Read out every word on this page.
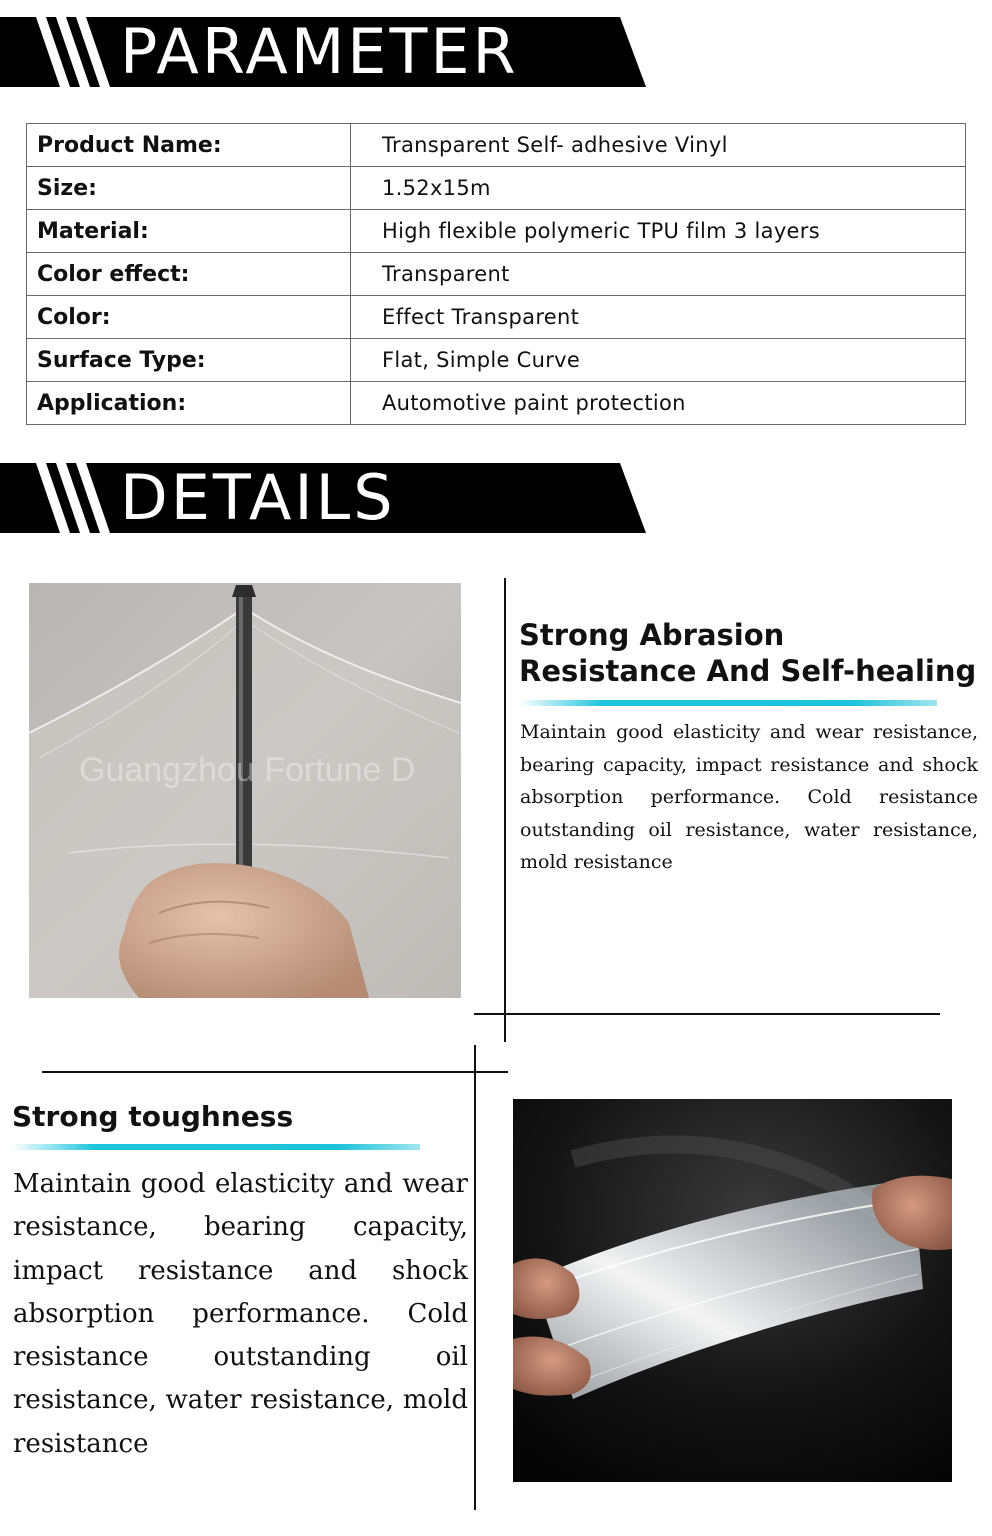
PARAMETER
Product Name:	Transparent Self- adhesive Vinyl
Size:	1.52x15m
Material:	High flexible polymeric TPU film 3 layers
Color effect:	Transparent
Color:	Effect Transparent
Surface Type:	Flat, Simple Curve
Application:	Automotive paint protection
DETAILS
Guangzhou Fortune D
Strong Abrasion
Resistance And Self-healing
Maintain good elasticity and wear resistance, bearing capacity, impact resistance and shock absorption performance. Cold resistance outstanding oil resistance, water resistance, mold resistance
Strong toughness
Maintain good elasticity and wear resistance, bearing capacity, impact resistance and shock absorption performance. Cold resistance outstanding oil resistance, water resistance, mold resistance
